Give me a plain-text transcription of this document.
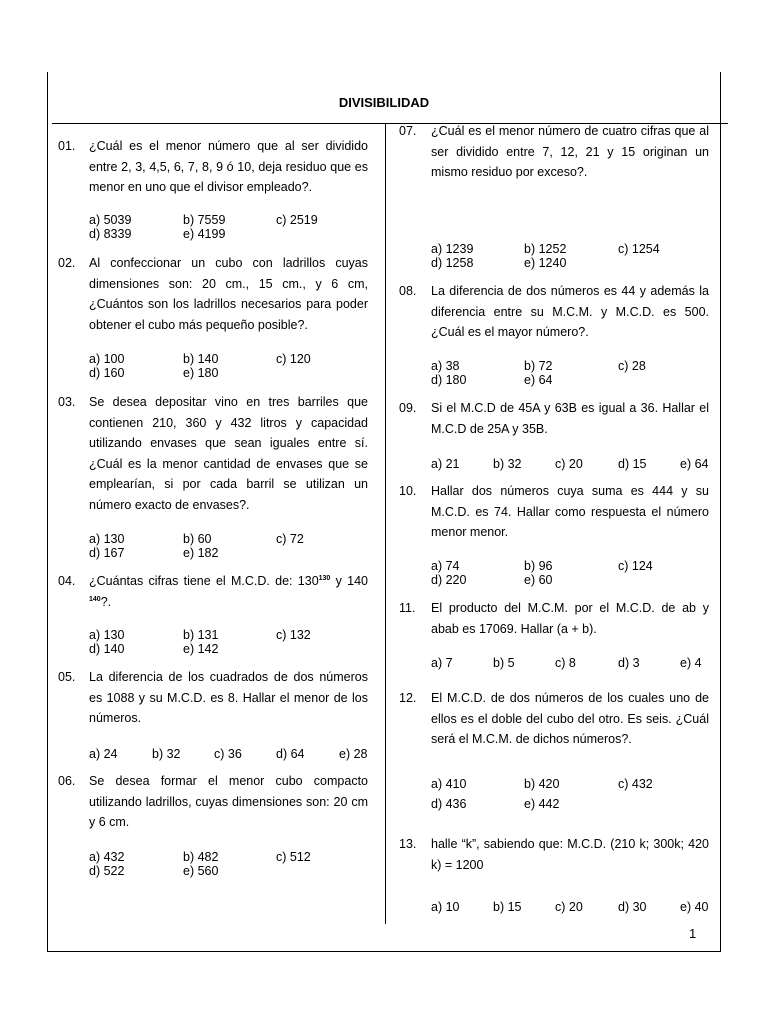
DIVISIBILIDAD
01. ¿Cuál es el menor número que al ser dividido entre 2, 3, 4,5, 6, 7, 8, 9 ó 10, deja residuo que es menor en uno que el divisor empleado?.
a) 5039	b) 7559	c) 2519
d) 8339	e) 4199
02. Al confeccionar un cubo con ladrillos cuyas dimensiones son: 20 cm., 15 cm., y 6 cm, ¿Cuántos son los ladrillos necesarios para poder obtener el cubo más pequeño posible?.
a) 100	b) 140	c) 120
d) 160	e) 180
03. Se desea depositar vino en tres barriles que contienen 210, 360 y 432 litros y capacidad utilizando envases que sean iguales entre sí. ¿Cuál es la menor cantidad de envases que se emplearían, si por cada barril se utilizan un número exacto de envases?.
a) 130	b) 60	c) 72
d) 167	e) 182
04. ¿Cuántas cifras tiene el M.C.D. de: $130^{130}$ y 140 $^{140}$?.
a) 130	b) 131	c) 132
d) 140	e) 142
05. La diferencia de los cuadrados de dos números es 1088 y su M.C.D. es 8. Hallar el menor de los números.
a) 24	b) 32	c) 36	d) 64	e) 28
06. Se desea formar el menor cubo compacto utilizando ladrillos, cuyas dimensiones son: 20 cm y 6 cm.
a) 432	b) 482	c) 512
d) 522	e) 560
07. ¿Cuál es el menor número de cuatro cifras que al ser dividido entre 7, 12, 21 y 15 originan un mismo residuo por exceso?.
a) 1239	b) 1252	c) 1254
d) 1258	e) 1240
08. La diferencia de dos números es 44 y además la diferencia entre su M.C.M. y M.C.D. es 500. ¿Cuál es el mayor número?.
a) 38	b) 72	c) 28
d) 180	e) 64
09. Si el M.C.D de 45A y 63B es igual a 36. Hallar el M.C.D de 25A y 35B.
a) 21	b) 32	c) 20	d) 15	e) 64
10. Hallar dos números cuya suma es 444 y su M.C.D. es 74. Hallar como respuesta el número menor menor.
a) 74	b) 96	c) 124
d) 220	e) 60
11. El producto del M.C.M. por el M.C.D. de ab y abab es 17069. Hallar (a + b).
a) 7	b) 5	c) 8	d) 3	e) 4
12. El M.C.D. de dos números de los cuales uno de ellos es el doble del cubo del otro. Es seis. ¿Cuál será el M.C.M. de dichos números?.
a) 410	b) 420	c) 432
d) 436	e) 442
13. halle “k”, sabiendo que: M.C.D. (210 k; 300k; 420 k) = 1200
a) 10	b) 15	c) 20	d) 30	e) 40
1
